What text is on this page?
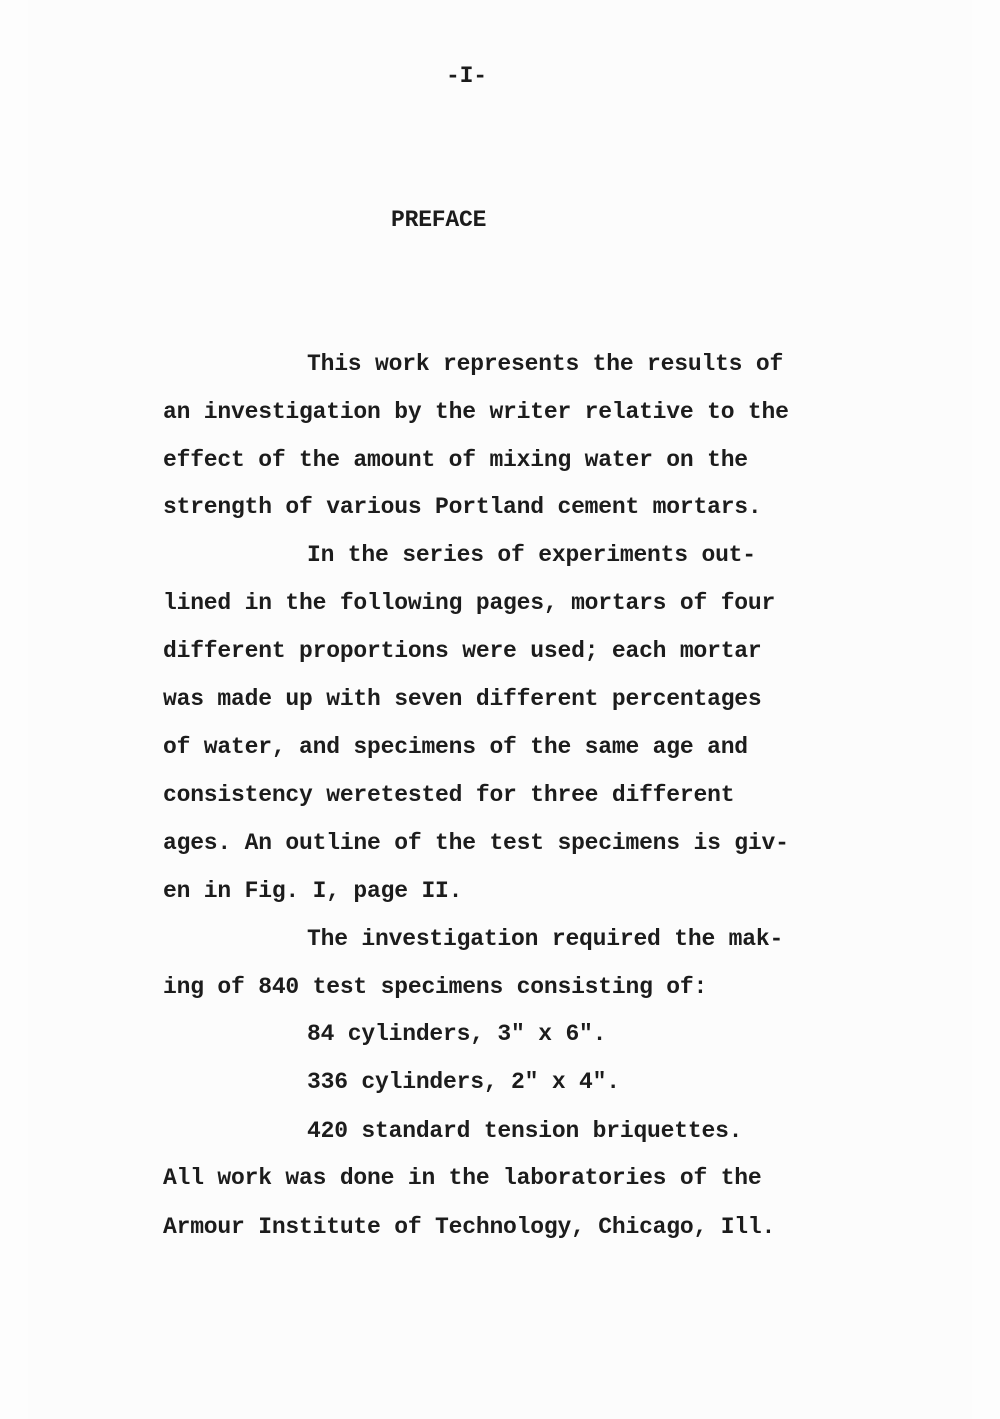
-I-
PREFACE
This work represents the results of
an investigation by the writer relative to the
effect of the amount of mixing water on the
strength of various Portland cement mortars.
In the series of experiments out-
lined in the following pages, mortars of four
different proportions were used; each mortar
was made up with seven different percentages
of water, and specimens of the same age and
consistency weretested for three different
ages. An outline of the test specimens is giv-
en in Fig. I, page II.
The investigation required the mak-
ing of 840 test specimens consisting of:
84 cylinders, 3" x 6".
336 cylinders, 2" x 4".
420 standard tension briquettes.
All work was done in the laboratories of the
Armour Institute of Technology, Chicago, Ill.
